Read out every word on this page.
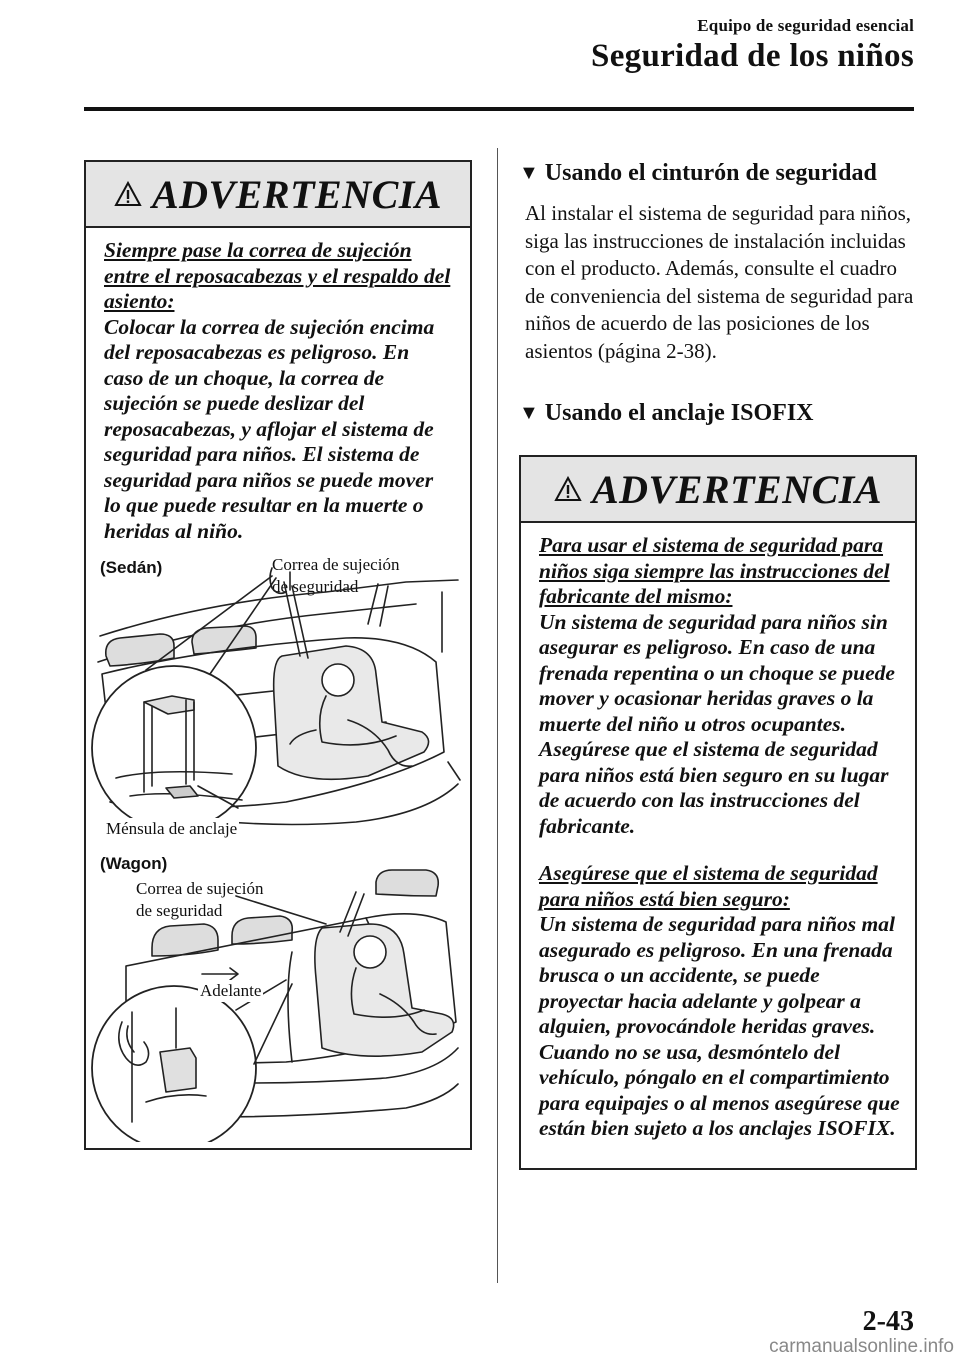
Equipo de seguridad esencial
Seguridad de los niños
ADVERTENCIA

Siempre pase la correa de sujeción entre el reposacabezas y el respaldo del asiento:

Colocar la correa de sujeción encima del reposacabezas es peligroso. En caso de un choque, la correa de sujeción se puede deslizar del reposacabezas, y aflojar el sistema de seguridad para niños. El sistema de seguridad para niños se puede mover lo que puede resultar en la muerte o heridas al niño.

(Sedán)	Correa de sujeción
de seguridad
Ménsula de anclaje
(Wagon)
Correa de sujeción
de seguridad
Adelante
▼ Usando el cinturón de seguridad
Al instalar el sistema de seguridad para niños, siga las instrucciones de instalación incluidas con el producto. Además, consulte el cuadro de conveniencia del sistema de seguridad para niños de acuerdo de las posiciones de los asientos (página 2-38).
▼ Usando el anclaje ISOFIX
ADVERTENCIA

Para usar el sistema de seguridad para niños siga siempre las instrucciones del fabricante del mismo:

Un sistema de seguridad para niños sin asegurar es peligroso. En caso de una frenada repentina o un choque se puede mover y ocasionar heridas graves o la muerte del niño u otros ocupantes. Asegúrese que el sistema de seguridad para niños está bien seguro en su lugar de acuerdo con las instrucciones del fabricante.

Asegúrese que el sistema de seguridad para niños está bien seguro:

Un sistema de seguridad para niños mal asegurado es peligroso. En una frenada brusca o un accidente, se puede proyectar hacia adelante y golpear a alguien, provocándole heridas graves. Cuando no se usa, desmóntelo del vehículo, póngalo en el compartimiento para equipajes o al menos asegúrese que están bien sujeto a los anclajes ISOFIX.

2-43
carmanualsonline.info
